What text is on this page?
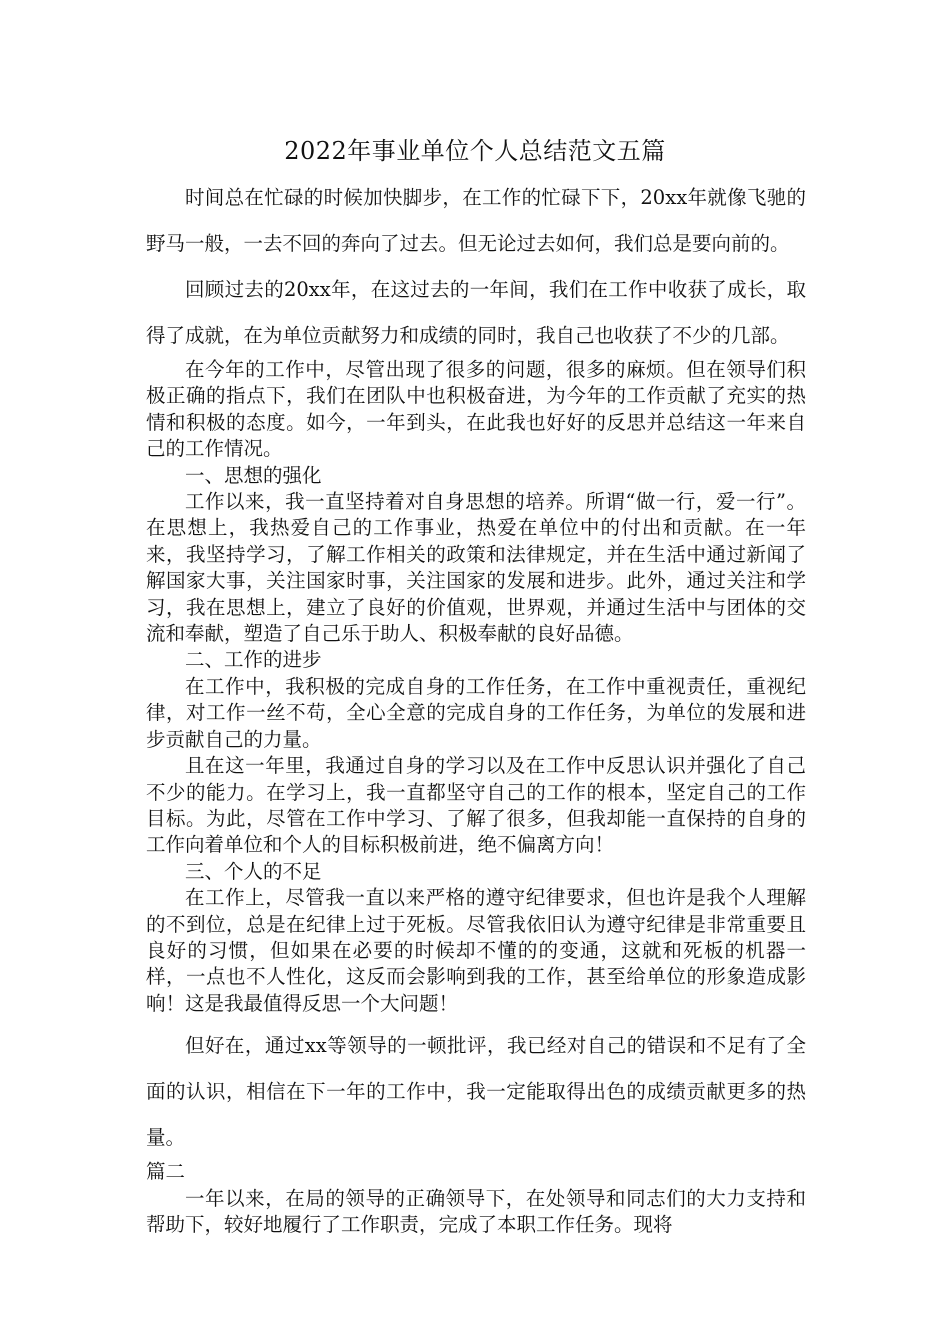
2022年事业单位个人总结范文五篇

时间总在忙碌的时候加快脚步，在工作的忙碌下下，20xx年就像飞驰的野马一般，一去不回的奔向了过去。但无论过去如何，我们总是要向前的。

回顾过去的20xx年，在这过去的一年间，我们在工作中收获了成长，取得了成就，在为单位贡献努力和成绩的同时，我自己也收获了不少的几部。

在今年的工作中，尽管出现了很多的问题，很多的麻烦。但在领导们积极正确的指点下，我们在团队中也积极奋进，为今年的工作贡献了充实的热情和积极的态度。如今，一年到头，在此我也好好的反思并总结这一年来自己的工作情况。

一、思想的强化

工作以来，我一直坚持着对自身思想的培养。所谓“做一行，爱一行”。在思想上，我热爱自己的工作事业，热爱在单位中的付出和贡献。在一年来，我坚持学习，了解工作相关的政策和法律规定，并在生活中通过新闻了解国家大事，关注国家时事，关注国家的发展和进步。此外，通过关注和学习，我在思想上，建立了良好的价值观，世界观，并通过生活中与团体的交流和奉献，塑造了自己乐于助人、积极奉献的良好品德。

二、工作的进步

在工作中，我积极的完成自身的工作任务，在工作中重视责任，重视纪律，对工作一丝不苟，全心全意的完成自身的工作任务，为单位的发展和进步贡献自己的力量。

且在这一年里，我通过自身的学习以及在工作中反思认识并强化了自己不少的能力。在学习上，我一直都坚守自己的工作的根本，坚定自己的工作目标。为此，尽管在工作中学习、了解了很多，但我却能一直保持的自身的工作向着单位和个人的目标积极前进，绝不偏离方向！

三、个人的不足

在工作上，尽管我一直以来严格的遵守纪律要求，但也许是我个人理解的不到位，总是在纪律上过于死板。尽管我依旧认为遵守纪律是非常重要且良好的习惯，但如果在必要的时候却不懂的的变通，这就和死板的机器一样，一点也不人性化，这反而会影响到我的工作，甚至给单位的形象造成影响！这是我最值得反思一个大问题！

但好在，通过xx等领导的一顿批评，我已经对自己的错误和不足有了全面的认识，相信在下一年的工作中，我一定能取得出色的成绩贡献更多的热量。

篇二

一年以来，在局的领导的正确领导下，在处领导和同志们的大力支持和帮助下，较好地履行了工作职责，完成了本职工作任务。现将
